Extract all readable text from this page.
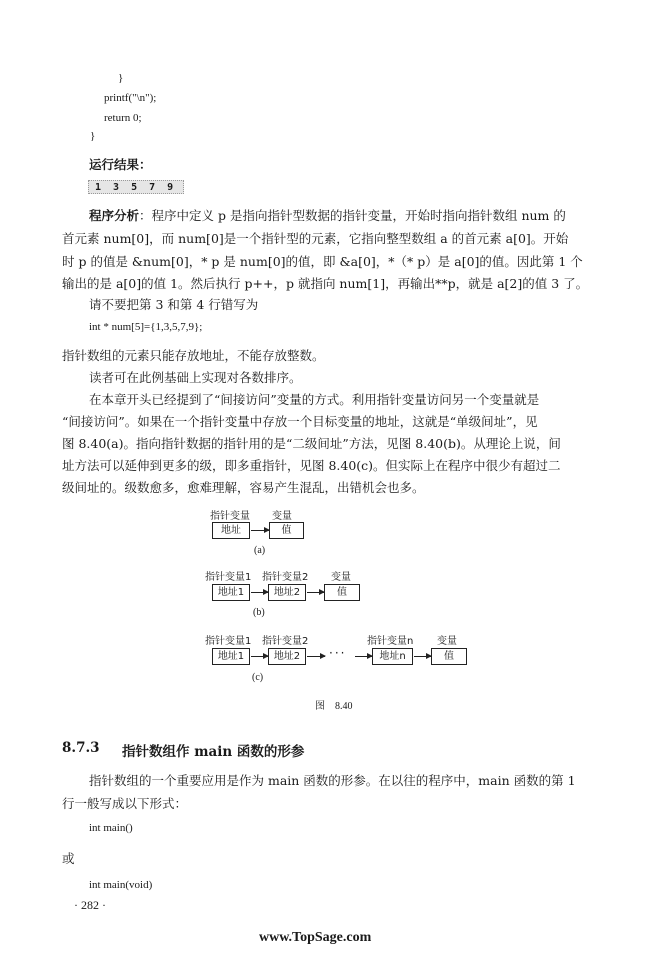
}
printf("\n");
return 0;
}
运行结果：
1 3 5 7 9
程序分析：程序中定义 p 是指向指针型数据的指针变量，开始时指向指针数组 num 的
首元素 num[0]，而 num[0]是一个指针型的元素，它指向整型数组 a 的首元素 a[0]。开始
时 p 的值是 &num[0]，* p 是 num[0]的值，即 &a[0]，*（* p）是 a[0]的值。因此第 1 个
输出的是 a[0]的值 1。然后执行 p++，p 就指向 num[1]，再输出**p，就是 a[2]的值 3 了。
请不要把第 3 和第 4 行错写为
int * num[5]={1,3,5,7,9};
指针数组的元素只能存放地址，不能存放整数。
读者可在此例基础上实现对各数排序。
在本章开头已经提到了“间接访问”变量的方式。利用指针变量访问另一个变量就是
“间接访问”。如果在一个指针变量中存放一个目标变量的地址，这就是“单级间址”，见
图 8.40(a)。指向指针数据的指针用的是“二级间址”方法，见图 8.40(b)。从理论上说，间
址方法可以延伸到更多的级，即多重指针，见图 8.40(c)。但实际上在程序中很少有超过二
级间址的。级数愈多，愈难理解，容易产生混乱，出错机会也多。
指针变量 变量
地址	值
(a)
指针变量1 指针变量2 变量
地址1	地址2	值
(b)
指针变量1 指针变量2	指针变量n 变量
地址1	地址2	···	地址n	值
(c)
图    8.40
8.7.3 指针数组作 main 函数的形参
指针数组的一个重要应用是作为 main 函数的形参。在以往的程序中，main 函数的第 1
行一般写成以下形式：
int main()
或
int main(void)
· 282 ·
www.TopSage.com
